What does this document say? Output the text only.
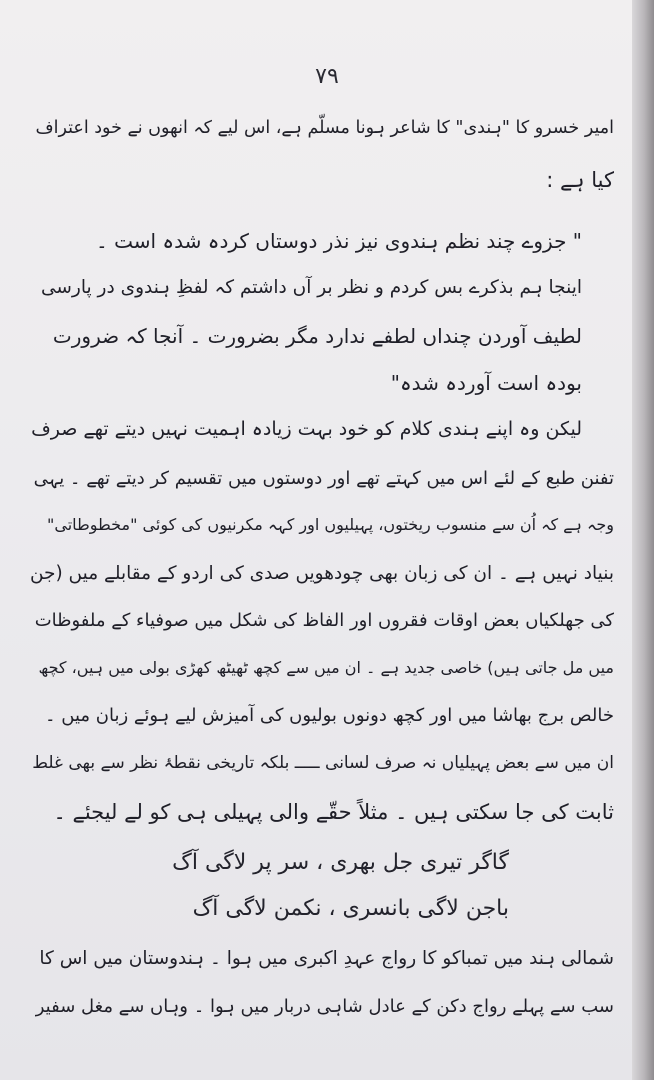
۷۹
امیر خسرو کا "ہندی" کا شاعر ہونا مسلّم ہے، اس لیے کہ انھوں نے خود اعتراف
کیا ہے :
" جزوے چند نظم ہندوی نیز نذر دوستاں کردہ شدہ است ۔
اینجا ہم بذکرے بس کردم و نظر بر آں داشتم کہ لفظِ ہندوی در پارسی
لطیف آوردن چنداں لطفے ندارد مگر بضرورت ۔ آنجا کہ ضرورت
بودہ است آوردہ شدہ"
لیکن وہ اپنے ہندی کلام کو خود بہت زیادہ اہمیت نہیں دیتے تھے صرف
تفنن طبع کے لئے اس میں کہتے تھے اور دوستوں میں تقسیم کر دیتے تھے ۔ یہی
وجہ ہے کہ اُن سے منسوب ریختوں، پہیلیوں اور کہہ مکرنیوں کی کوئی "مخطوطاتی"
بنیاد نہیں ہے ۔ ان کی زبان بھی چودھویں صدی کی اردو کے مقابلے میں (جن
کی جھلکیاں بعض اوقات فقروں اور الفاظ کی شکل میں صوفیاء کے ملفوظات
میں مل جاتی ہیں) خاصی جدید ہے ۔ ان میں سے کچھ ٹھیٹھ کھڑی بولی میں ہیں، کچھ
خالص برج بھاشا میں اور کچھ دونوں بولیوں کی آمیزش لیے ہوئے زبان میں ۔
ان میں سے بعض پہیلیاں نہ صرف لسانی ـــــ بلکہ تاریخی نقطۂ نظر سے بھی غلط
ثابت کی جا سکتی ہیں ۔ مثلاً حقّے والی پہیلی ہی کو لے لیجئے ۔
گاگر تیری جل بھری ، سر پر لاگی آگ
باجن لاگی بانسری ، نکمن لاگی آگ
شمالی ہند میں تمباکو کا رواج عہدِ اکبری میں ہوا ۔ ہندوستان میں اس کا
سب سے پہلے رواج دکن کے عادل شاہی دربار میں ہوا ۔ وہاں سے مغل سفیر
